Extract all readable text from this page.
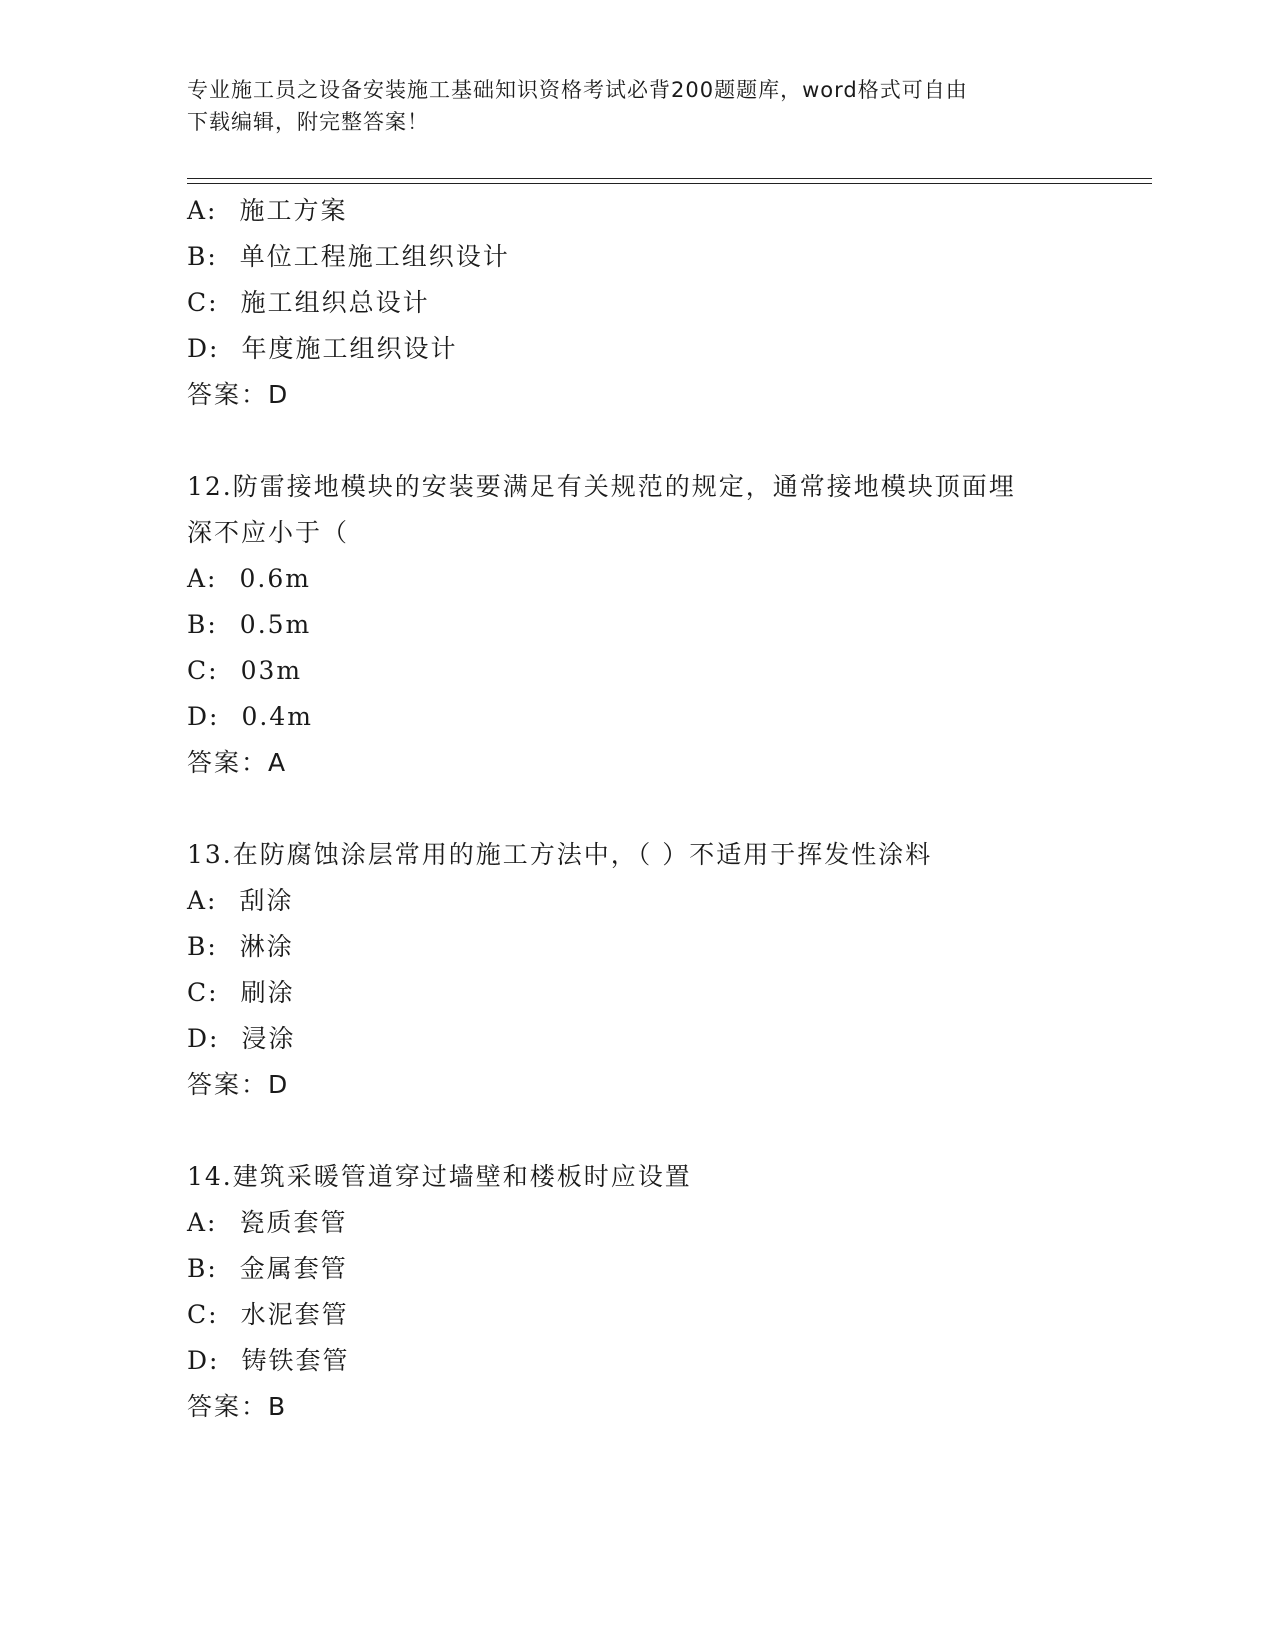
专业施工员之设备安装施工基础知识资格考试必背200题题库，word格式可自由
下载编辑，附完整答案！
A: 施工方案
B: 单位工程施工组织设计
C: 施工组织总设计
D: 年度施工组织设计
答案：D
12.防雷接地模块的安装要满足有关规范的规定，通常接地模块顶面埋
深不应小于（
A: 0.6m
B: 0.5m
C: 03m
D: 0.4m
答案：A
13.在防腐蚀涂层常用的施工方法中，（ ）不适用于挥发性涂料
A: 刮涂
B: 淋涂
C: 刷涂
D: 浸涂
答案：D
14.建筑采暖管道穿过墙壁和楼板时应设置
A: 瓷质套管
B: 金属套管
C: 水泥套管
D: 铸铁套管
答案：B
